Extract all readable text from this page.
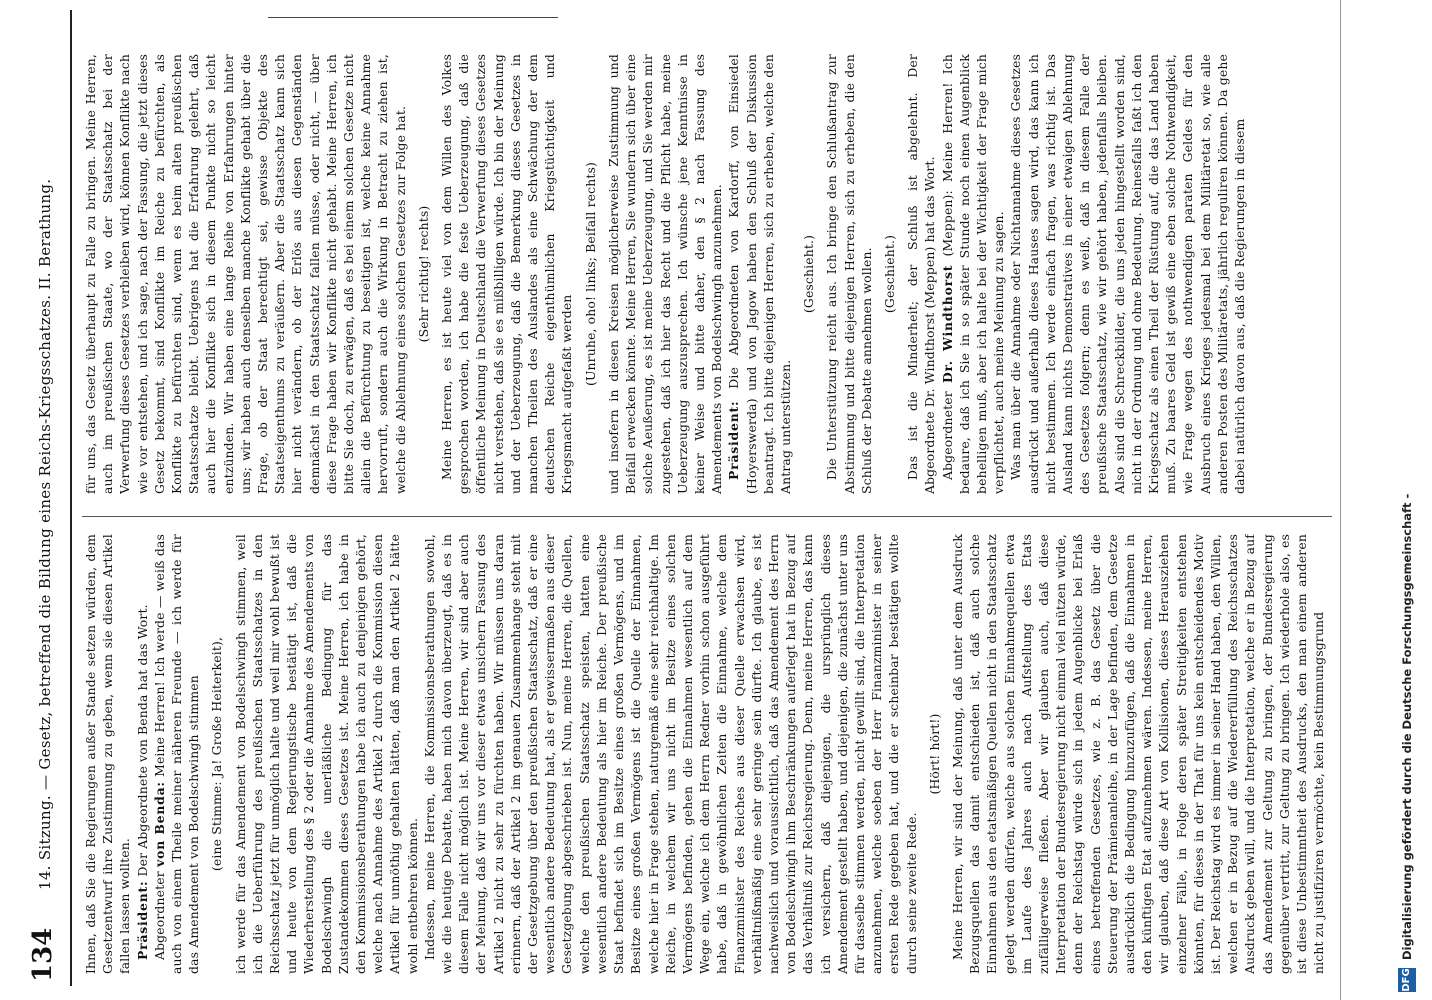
134
14. Sitzung. — Gesetz, betreffend die Bildung eines Reichs-Kriegsschatzes. II. Berathung. Ihnen, daß Sie die Regierungen außer Stande setzen würden, dem Gesetzentwurf ihre Zustimmung zu geben, wenn sie diesen Artikel fallen lassen wollten. Präsident: Der Abgeordnete von Benda hat das Wort.

Abgeordneter von Benda: Meine Herren! Ich werde — weiß das auch von einem Theile meiner näheren Freunde — ich werde für das Amendement von Bodelschwingh stimmen (eine Stimme: Ja! Große Heiterkeit), ich werde für das Amendement von Bodelschwingh stimmen, weil ich die Ueberführung des preußischen Staatsschatzes in den Reichsschatz jetzt für unmöglich halte und weil mir wohl bewußt ist und heute von dem Regierungstische bestätigt ist, daß die Wiederherstellung des § 2 oder die Annahme des Amendements von Bodelschwingh die unerläßliche Bedingung für das Zustandekommen dieses Gesetzes ist. Meine Herren, ich habe in den Kommissionsberathungen habe ich auch zu denjenigen gehört, welche nach Annahme des Artikel 2 durch die Kommission diesen Artikel für unnöthig gehalten hätten, daß man den Artikel 2 hätte wohl entbehren können. Indessen, meine Herren, die Kommissionsberathungen sowohl, wie die heutige Debatte, haben mich davon überzeugt, daß es in diesem Falle nicht möglich ist. Meine Herren, wir sind aber auch der Meinung, daß wir uns vor dieser etwas unsichern Fassung des Artikel 2 nicht zu sehr zu fürchten haben. Wir müssen uns daran erinnern, daß der Artikel 2 im genauen Zusammenhange steht mit der Gesetzgebung über den preußischen Staatsschatz, daß er eine wesentlich andere Bedeutung hat, als er gewissermaßen aus dieser Gesetzgebung abgeschrieben ist. Nun, meine Herren, die Quellen, welche den preußischen Staatsschatz speisten, hatten eine wesentlich andere Bedeutung als hier im Reiche. Der preußische Staat befindet sich im Besitze eines großen Vermögens, und im Besitze eines großen Vermögens ist die Quelle der Einnahmen, welche hier in Frage stehen, naturgemäß eine sehr reichhaltige. Im Reiche, in welchem wir uns nicht im Besitze eines solchen Vermögens befinden, gehen die Einnahmen wesentlich auf dem Wege ein, welche ich dem Herrn Redner vorhin schon ausgeführt habe, daß in gewöhnlichen Zeiten die Einnahme, welche dem Finanzminister des Reiches aus dieser Quelle erwachsen wird, verhältnißmäßig eine sehr geringe sein dürfte. Ich glaube, es ist nachweislich und voraussichtlich, daß das Amendement des Herrn von Bodelschwingh ihm Beschränkungen auferlegt hat in Bezug auf das Verhältniß zur Reichsregierung. Denn, meine Herren, das kann ich versichern, daß diejenigen, die ursprünglich dieses Amendement gestellt haben, und diejenigen, die zunächst unter uns für dasselbe stimmen werden, nicht gewillt sind, die Interpretation anzunehmen, welche soeben der Herr Finanzminister in seiner ersten Rede gegeben hat, und die er scheinbar bestätigen wollte durch seine zweite Rede.

(Hört! hört!) Meine Herren, wir sind der Meinung, daß unter dem Ausdruck Bezugsquellen das damit entschieden ist, daß auch solche Einnahmen aus den etatsmäßigen Quellen nicht in den Staatsschatz gelegt werden dürfen, welche aus solchen Einnahmequellen etwa im Laufe des Jahres auch nach Aufstellung des Etats zufälligerweise fließen. Aber wir glauben auch, daß diese Interpretation der Bundesregierung nicht einmal viel nützen würde, denn der Reichstag würde sich in jedem Augenblicke bei Erlaß eines betreffenden Gesetzes, wie z. B. das Gesetz über die Steuerung der Prämienanleihe, in der Lage befinden, dem Gesetze ausdrücklich die Bedingung hinzuzufügen, daß die Einnahmen in den künftigen Etat aufzunehmen wären. Indessen, meine Herren, wir glauben, daß diese Art von Kollisionen, dieses Herausziehen einzelner Fälle, in Folge deren später Streitigkeiten entstehen könnten, für dieses in der That für uns kein entscheidendes Motiv ist. Der Reichstag wird es immer in seiner Hand haben, den Willen, welchen er in Bezug auf die Wiedererfüllung des Reichsschatzes Ausdruck geben will, und die Interpretation, welche er in Bezug auf das Amendement zur Geltung zu bringen, der Bundesregierung gegenüber vertritt, zur Geltung zu bringen. Ich wiederhole also, es ist diese Unbestimmtheit des Ausdrucks, den man einem anderen nicht zu justifiziren vermöchte, kein Bestimmungsgrund

für uns, das Gesetz überhaupt zu Falle zu bringen. Meine Herren, auch im preußischen Staate, wo der Staatsschatz bei der Verwerfung dieses Gesetzes verbleiben wird, können Konflikte nach wie vor entstehen, und ich sage, nach der Fassung, die jetzt dieses Gesetz bekommt, sind Konflikte im Reiche zu befürchten, als Konflikte zu befürchten sind, wenn es beim alten preußischen Staatsschatze bleibt. Uebrigens hat die Erfahrung gelehrt, daß auch hier die Konflikte sich in diesem Punkte nicht so leicht entzünden. Wir haben eine lange Reihe von Erfahrungen hinter uns; wir haben auch denselben manche Konflikte gehabt über die Frage, ob der Staat berechtigt sei, gewisse Objekte des Staatseigenthums zu veräußern. Aber die Staatsschatz kann sich hier nicht verändern, ob der Erlös aus diesen Gegenständen demnächst in den Staatsschatz fallen müsse, oder nicht, — über diese Frage haben wir Konflikte nicht gehabt. Meine Herren, ich bitte Sie doch, zu erwägen, daß es bei einem solchen Gesetze nicht allein die Befürchtung zu beseitigen ist, welche keine Annahme hervorruft, sondern auch die Wirkung in Betracht zu ziehen ist, welche die Ablehnung eines solchen Gesetzes zur Folge hat. (Sehr richtig! rechts) Meine Herren, es ist heute viel von dem Willen des Volkes gesprochen worden, ich habe die feste Ueberzeugung, daß die öffentliche Meinung in Deutschland die Verwerfung dieses Gesetzes nicht verstehen, daß sie es mißbilligen würde. Ich bin der Meinung und der Ueberzeugung, daß die Bemerkung dieses Gesetzes in manchen Theilen des Auslandes als eine Schwächung der dem deutschen Reiche eigenthümlichen Kriegstüchtigkeit und Kriegsmacht aufgefaßt werden

(Unruhe, oho! links; Beifall rechts) und insofern in diesen Kreisen möglicherweise Zustimmung und Beifall erwecken könnte. Meine Herren, Sie wundern sich über eine solche Aeußerung, es ist meine Ueberzeugung, und Sie werden mir zugestehen, daß ich hier das Recht und die Pflicht habe, meine Ueberzeugung auszusprechen. Ich wünsche jene Kenntnisse in keiner Weise und bitte daher, den § 2 nach Fassung des Amendements von Bodelschwingh anzunehmen. Präsident: Die Abgeordneten von Kardorff, von Einsiedel (Hoyerswerda) und von Jagow haben den Schluß der Diskussion beantragt. Ich bitte diejenigen Herren, sich zu erheben, welche den Antrag unterstützen.

(Geschieht.) Die Unterstützung reicht aus. Ich bringe den Schlußantrag zur Abstimmung und bitte diejenigen Herren, sich zu erheben, die den Schluß der Debatte annehmen wollen. (Geschieht.) Das ist die Minderheit; der Schluß ist abgelehnt. Der Abgeordnete Dr. Windthorst (Meppen) hat das Wort. Abgeordneter Dr. Windthorst (Meppen): Meine Herren! Ich bedaure, daß ich Sie in so später Stunde noch einen Augenblick behelligen muß, aber ich halte bei der Wichtigkeit der Frage mich verpflichtet, auch meine Meinung zu sagen. Was man über die Annahme oder Nichtannahme dieses Gesetzes ausdrückt und außerhalb dieses Hauses sagen wird, das kann ich nicht bestimmen. Ich werde einfach fragen, was richtig ist. Das Ausland kann nichts Demonstratives in einer etwaigen Ablehnung des Gesetzes folgern; denn es weiß, daß in diesem Falle der preußische Staatsschatz, wie wir gehört haben, jedenfalls bleiben. Also sind die Schreckbilder, die uns jeden hingestellt worden sind, nicht in der Ordnung und ohne Bedeutung. Reinesfalls faßt ich den Kriegsschatz als einen Theil der Rüstung auf, die das Land haben muß. Zu baares Geld ist gewiß eine eben solche Nothwendigkeit, wie Frage wegen des nothwendigen paraten Geldes für den Ausbruch eines Krieges jedesmal bei dem Militäretat so, wie alle anderen Posten des Militäretats, jährlich reguliren können. Da gehe dabei natürlich davon aus, daß die Regierungen in diesem

DFG
Digitalisierung gefördert durch die Deutsche Forschungsgemeinschaft -
